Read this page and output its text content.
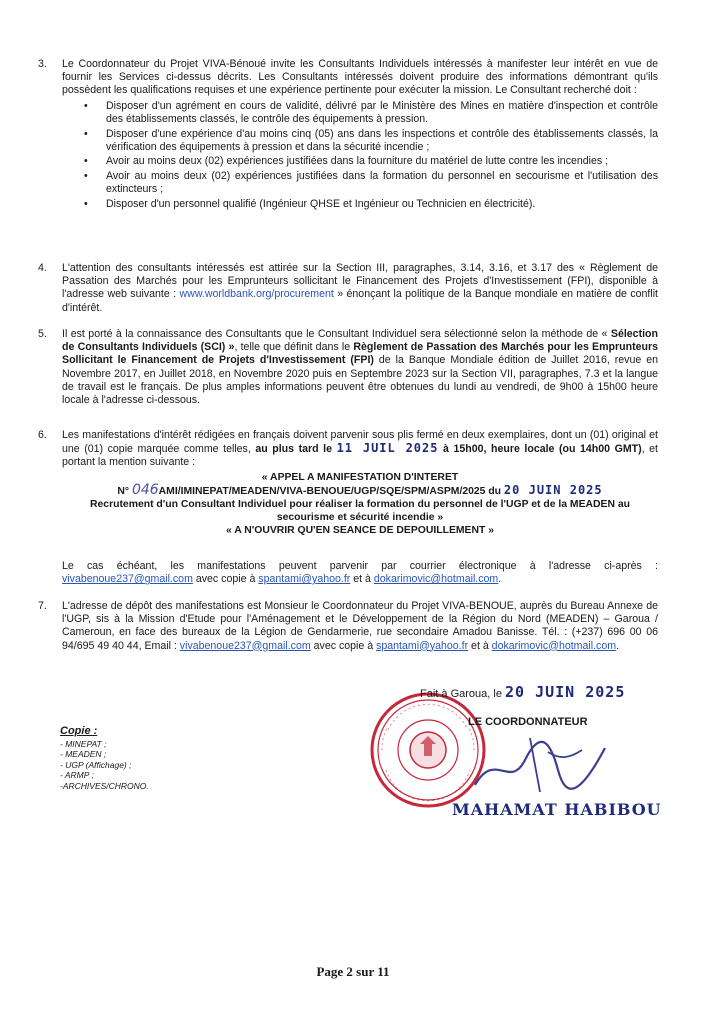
3.	Le Coordonnateur du Projet VIVA-Bénoué invite les Consultants Individuels intéressés à manifester leur intérêt en vue de fournir les Services ci-dessus décrits. Les Consultants intéressés doivent produire des informations démontrant qu'ils possèdent les qualifications requises et une expérience pertinente pour exécuter la mission. Le Consultant recherché doit :
• Disposer d'un agrément en cours de validité, délivré par le Ministère des Mines en matière d'inspection et contrôle des établissements classés, le contrôle des équipements à pression.
• Disposer d'une expérience d'au moins cinq (05) ans dans les inspections et contrôle des établissements classés, la vérification des équipements à pression et dans la sécurité incendie ;
• Avoir au moins deux (02) expériences justifiées dans la fourniture du matériel de lutte contre les incendies ;
• Avoir au moins deux (02) expériences justifiées dans la formation du personnel en secourisme et l'utilisation des extincteurs ;
• Disposer d'un personnel qualifié (Ingénieur QHSE et Ingénieur ou Technicien en électricité).
4.	L'attention des consultants intéressés est attirée sur la Section III, paragraphes, 3.14, 3.16, et 3.17 des « Règlement de Passation des Marchés pour les Emprunteurs sollicitant le Financement des Projets d'Investissement (FPI), disponible à l'adresse web suivante : www.worldbank.org/procurement » énonçant la politique de la Banque mondiale en matière de conflit d'intérêt.
5.	Il est porté à la connaissance des Consultants que le Consultant Individuel sera sélectionné selon la méthode de « Sélection de Consultants Individuels (SCI) », telle que définit dans le Règlement de Passation des Marchés pour les Emprunteurs Sollicitant le Financement de Projets d'Investissement (FPI) de la Banque Mondiale édition de Juillet 2016, revue en Novembre 2017, en Juillet 2018, en Novembre 2020 puis en Septembre 2023 sur la Section VII, paragraphes, 7.3 et la langue de travail est le français. De plus amples informations peuvent être obtenues du lundi au vendredi, de 9h00 à 15h00 heure locale à l'adresse ci-dessous.
6.	Les manifestations d'intérêt rédigées en français doivent parvenir sous plis fermé en deux exemplaires, dont un (01) original et une (01) copie marquée comme telles, au plus tard le 11 JUIL 2025 à 15h00, heure locale (ou 14h00 GMT), et portant la mention suivante :
« APPEL A MANIFESTATION D'INTERET
N° 046AMI/IMINEPAT/MEADEN/VIVA-BENOUE/UGP/SQE/SPM/ASPM/2025 du 20 JUIN 2025
Recrutement d'un Consultant Individuel pour réaliser la formation du personnel de l'UGP et de la MEADEN au secourisme et sécurité incendie »
« A N'OUVRIR QU'EN SEANCE DE DEPOUILLEMENT »
Le cas échéant, les manifestations peuvent parvenir par courrier électronique à l'adresse ci-après : vivabenoue237@gmail.com avec copie à spantami@yahoo.fr et à dokarimovic@hotmail.com.
7.	L'adresse de dépôt des manifestations est Monsieur le Coordonnateur du Projet VIVA-BENOUE, auprès du Bureau Annexe de l'UGP, sis à la Mission d'Etude pour l'Aménagement et le Développement de la Région du Nord (MEADEN) – Garoua / Cameroun, en face des bureaux de la Légion de Gendarmerie, rue secondaire Amadou Banisse. Tél. : (+237) 696 00 06 94/695 49 40 44, Email : vivabenoue237@gmail.com avec copie à spantami@yahoo.fr et à dokarimovic@hotmail.com.
Fait à Garoua, le 20 JUIN 2025
LE COORDONNATEUR
MAHAMAT HABIBOU
Copie :
- MINEPAT ;
- MEADEN ;
- UGP (Affichage) ;
- ARMP ;
-ARCHIVES/CHRONO.
Page 2 sur 11
